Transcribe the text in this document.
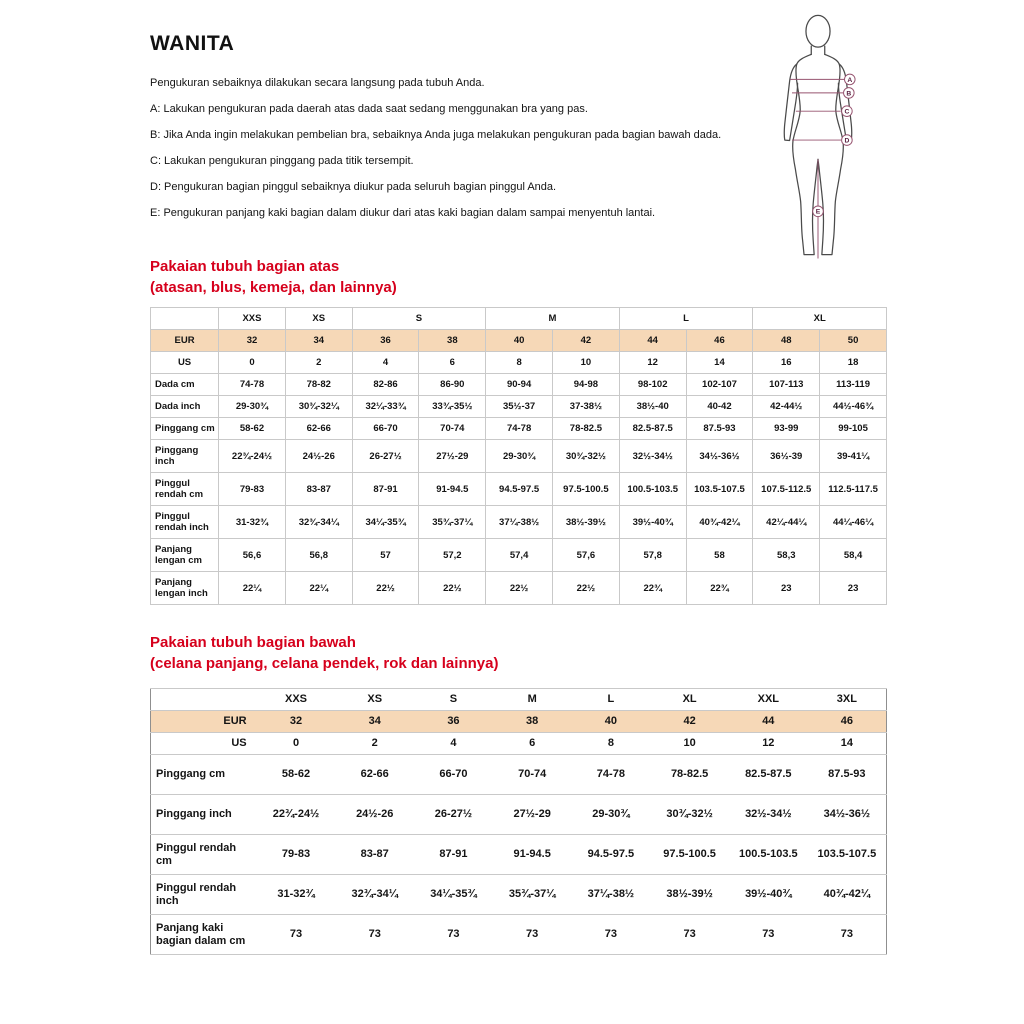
WANITA

Pengukuran sebaiknya dilakukan secara langsung pada tubuh Anda.

A: Lakukan pengukuran pada daerah atas dada saat sedang menggunakan bra yang pas.

B: Jika Anda ingin melakukan pembelian bra, sebaiknya Anda juga melakukan pengukuran pada bagian bawah dada.

C: Lakukan pengukuran pinggang pada titik tersempit.

D: Pengukuran bagian pinggul sebaiknya diukur pada seluruh bagian pinggul Anda.

E: Pengukuran panjang kaki bagian dalam diukur dari atas kaki bagian dalam sampai menyentuh lantai.

A
B
C
D
E
Pakaian tubuh bagian atas
(atasan, blus, kemeja, dan lainnya)
	XXS	XS	S		M		L		XL	
EUR	32	34	36	38	40	42	44	46	48	50
US	0	2	4	6	8	10	12	14	16	18
Dada cm	74-78	78-82	82-86	86-90	90-94	94-98	98-102	102-107	107-113	113-119
Dada inch	29-30¾	30¾-32¼	32¼-33¾	33¾-35½	35½-37	37-38½	38½-40	40-42	42-44½	44½-46¾
Pinggang cm	58-62	62-66	66-70	70-74	74-78	78-82.5	82.5-87.5	87.5-93	93-99	99-105
Pinggang inch	22¾-24½	24½-26	26-27½	27½-29	29-30¾	30¾-32½	32½-34½	34½-36½	36½-39	39-41¼
Pinggul rendah cm	79-83	83-87	87-91	91-94.5	94.5-97.5	97.5-100.5	100.5-103.5	103.5-107.5	107.5-112.5	112.5-117.5
Pinggul rendah inch	31-32¾	32¾-34¼	34¼-35¾	35¾-37¼	37¼-38½	38½-39½	39½-40¾	40¾-42¼	42¼-44¼	44¼-46¼
Panjang lengan cm	56,6	56,8	57	57,2	57,4	57,6	57,8	58	58,3	58,4
Panjang lengan inch	22¼	22¼	22½	22½	22½	22½	22¾	22¾	23	23
Pakaian tubuh bagian bawah
(celana panjang, celana pendek, rok dan lainnya)
	XXS	XS	S	M	L	XL	XXL	3XL
EUR	32	34	36	38	40	42	44	46
US	0	2	4	6	8	10	12	14
Pinggang cm	58-62	62-66	66-70	70-74	74-78	78-82.5	82.5-87.5	87.5-93
Pinggang inch	22¾-24½	24½-26	26-27½	27½-29	29-30¾	30¾-32½	32½-34½	34½-36½
Pinggul rendah cm	79-83	83-87	87-91	91-94.5	94.5-97.5	97.5-100.5	100.5-103.5	103.5-107.5
Pinggul rendah inch	31-32¾	32¾-34¼	34¼-35¾	35¾-37¼	37¼-38½	38½-39½	39½-40¾	40¾-42¼
Panjang kaki bagian dalam cm	73	73	73	73	73	73	73	73
